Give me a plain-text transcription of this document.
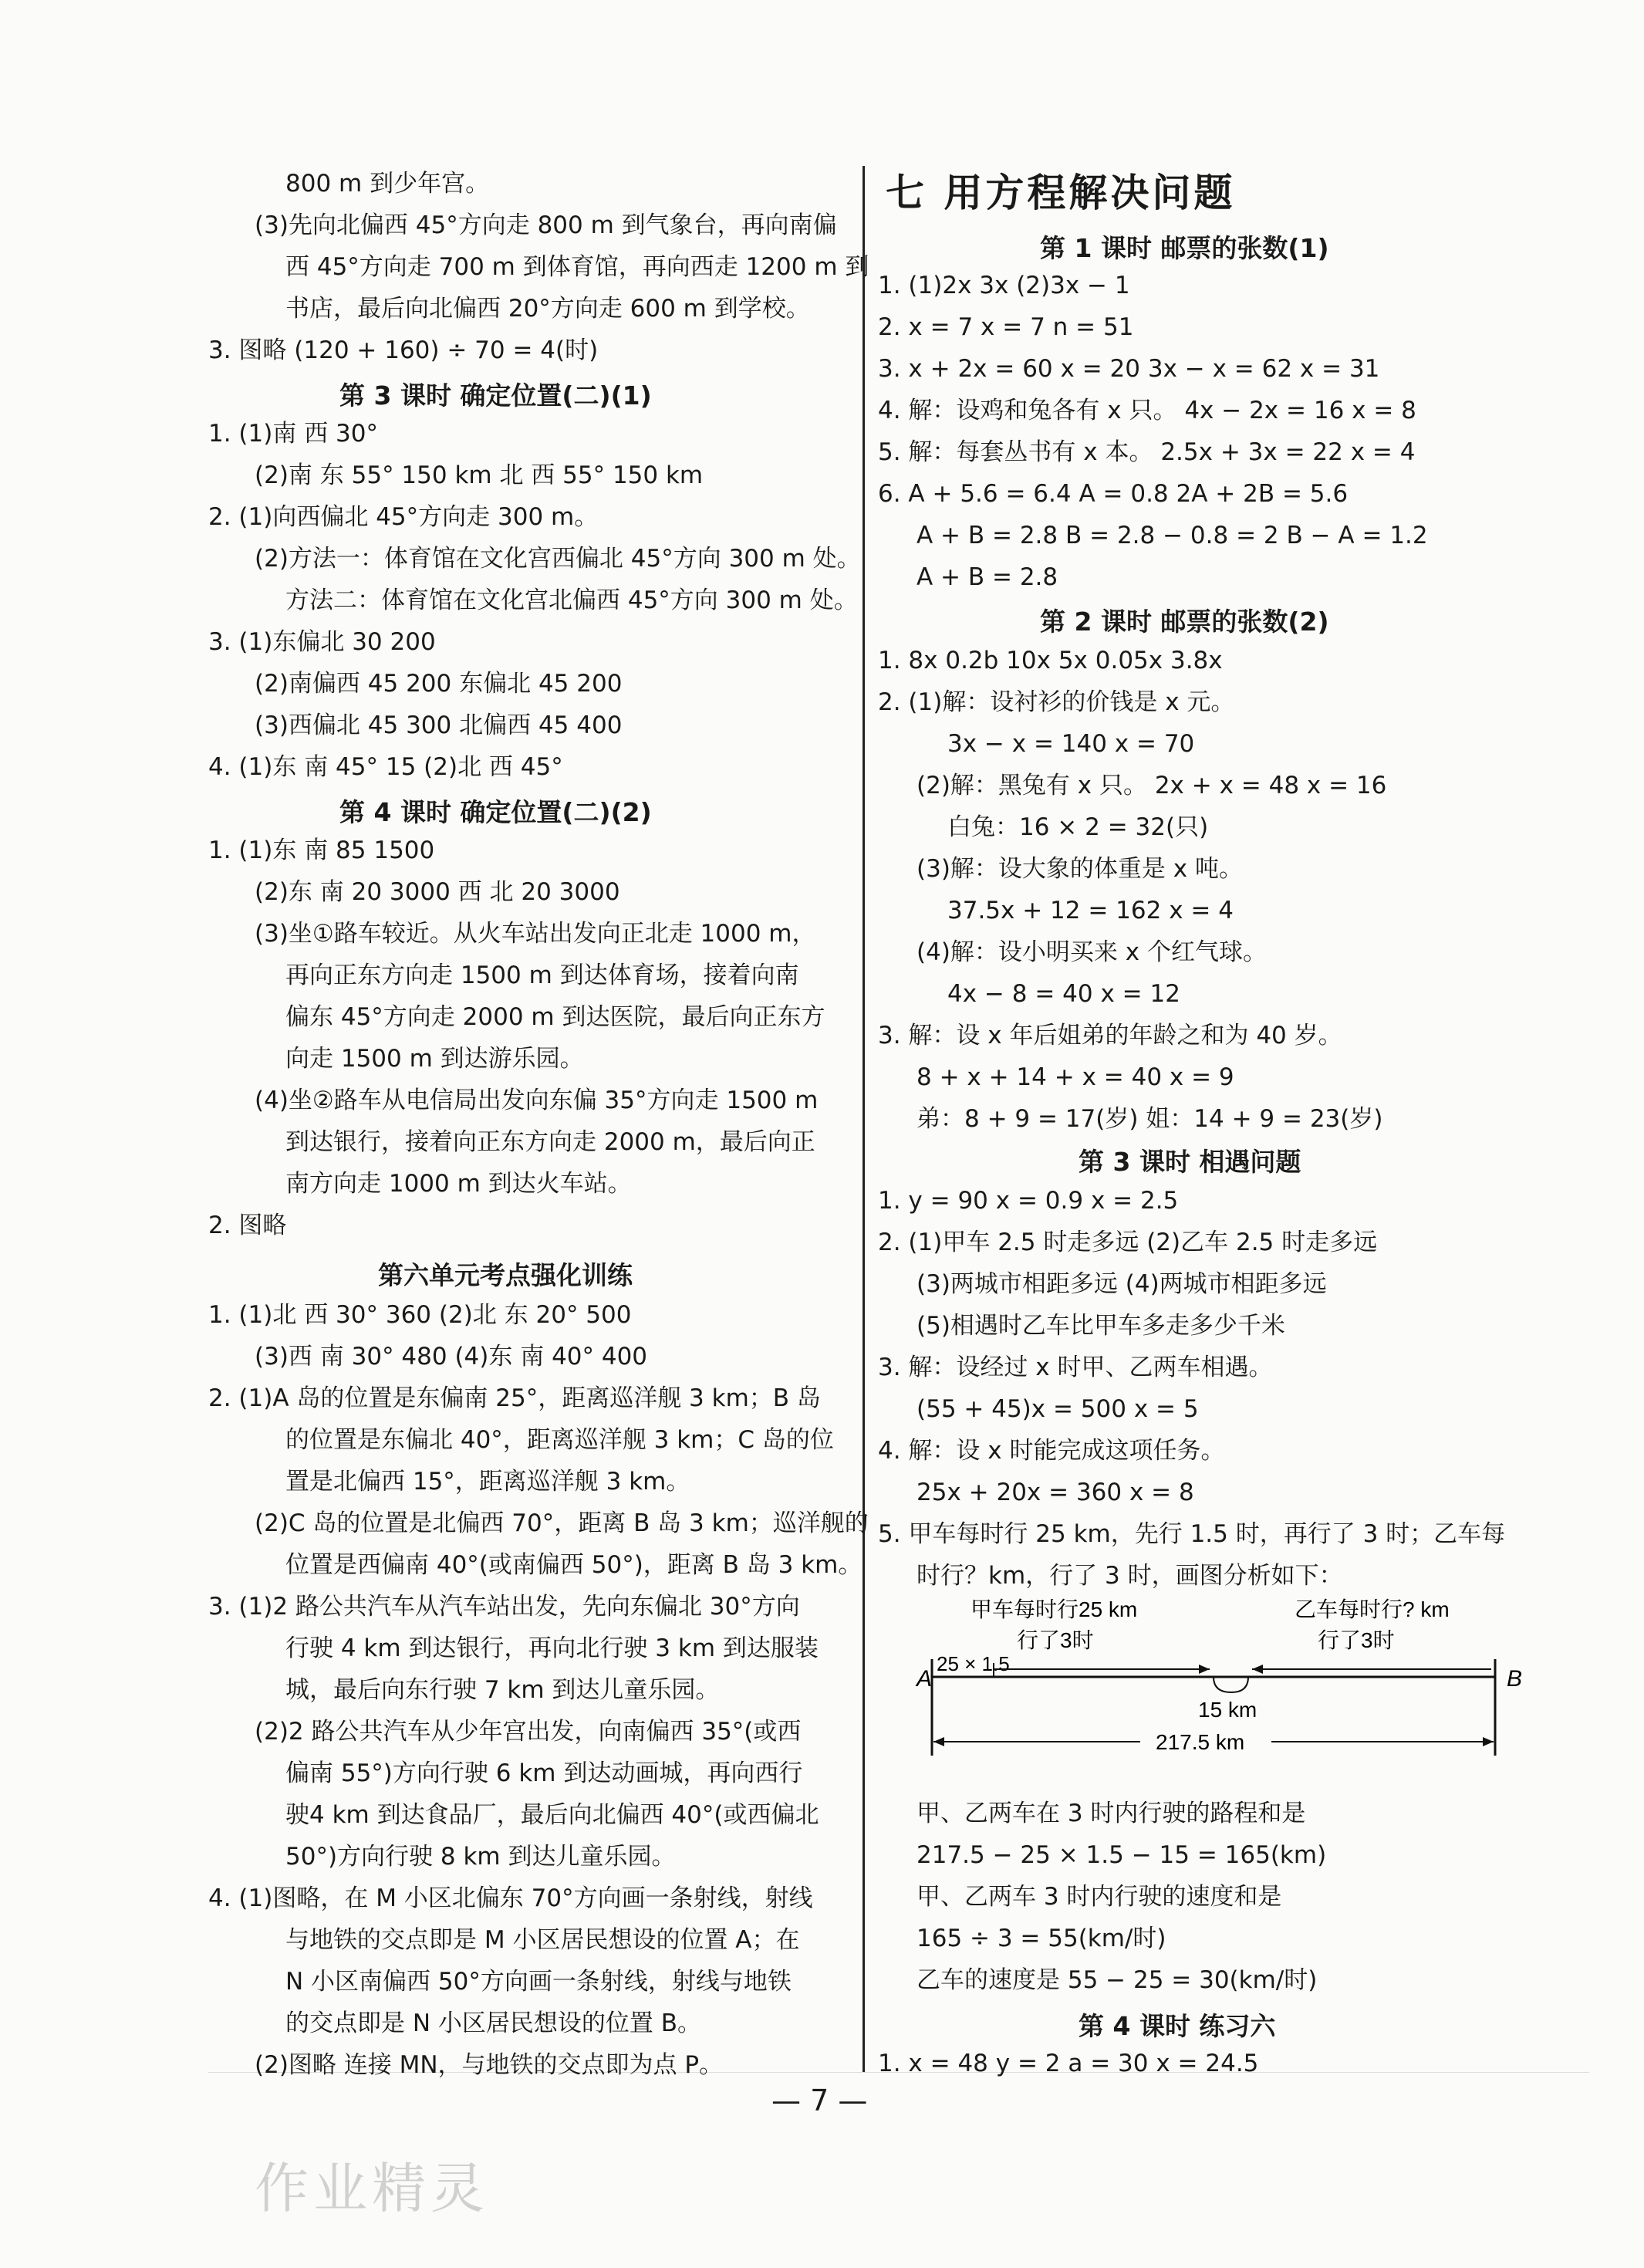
800 m 到少年宫。
(3)先向北偏西 45°方向走 800 m 到气象台，再向南偏
西 45°方向走 700 m 到体育馆，再向西走 1200 m 到
书店，最后向北偏西 20°方向走 600 m 到学校。
3. 图略 (120 + 160) ÷ 70 = 4(时)
1. (1)南 西 30°
(2)南 东 55° 150 km 北 西 55° 150 km
2. (1)向西偏北 45°方向走 300 m。
(2)方法一：体育馆在文化宫西偏北 45°方向 300 m 处。
方法二：体育馆在文化宫北偏西 45°方向 300 m 处。
3. (1)东偏北 30 200
(2)南偏西 45 200 东偏北 45 200
(3)西偏北 45 300 北偏西 45 400
4. (1)东 南 45° 15 (2)北 西 45°
1. (1)东 南 85 1500
(2)东 南 20 3000 西 北 20 3000
(3)坐①路车较近。从火车站出发向正北走 1000 m，
再向正东方向走 1500 m 到达体育场，接着向南
偏东 45°方向走 2000 m 到达医院，最后向正东方
向走 1500 m 到达游乐园。
(4)坐②路车从电信局出发向东偏 35°方向走 1500 m
到达银行，接着向正东方向走 2000 m，最后向正
南方向走 1000 m 到达火车站。
2. 图略
1. (1)北 西 30° 360 (2)北 东 20° 500
(3)西 南 30° 480 (4)东 南 40° 400
2. (1)A 岛的位置是东偏南 25°，距离巡洋舰 3 km；B 岛
的位置是东偏北 40°，距离巡洋舰 3 km；C 岛的位
置是北偏西 15°，距离巡洋舰 3 km。
(2)C 岛的位置是北偏西 70°，距离 B 岛 3 km；巡洋舰的
位置是西偏南 40°(或南偏西 50°)，距离 B 岛 3 km。
3. (1)2 路公共汽车从汽车站出发，先向东偏北 30°方向
行驶 4 km 到达银行，再向北行驶 3 km 到达服装
城，最后向东行驶 7 km 到达儿童乐园。
(2)2 路公共汽车从少年宫出发，向南偏西 35°(或西
偏南 55°)方向行驶 6 km 到达动画城，再向西行
驶4 km 到达食品厂，最后向北偏西 40°(或西偏北
50°)方向行驶 8 km 到达儿童乐园。
4. (1)图略，在 M 小区北偏东 70°方向画一条射线，射线
与地铁的交点即是 M 小区居民想设的位置 A；在
N 小区南偏西 50°方向画一条射线，射线与地铁
的交点即是 N 小区居民想设的位置 B。
(2)图略 连接 MN，与地铁的交点即为点 P。
第 3 课时 确定位置(二)(1)
第 4 课时 确定位置(二)(2)
第六单元考点强化训练
七 用方程解决问题
甲车每时行25 km
行了3时
乙车每时行? km
行了3时
A	B
25 × 1.5
15 km
217.5 km
1. (1)2x 3x (2)3x − 1
2. x = 7 x = 7 n = 51
3. x + 2x = 60 x = 20 3x − x = 62 x = 31
4. 解：设鸡和兔各有 x 只。 4x − 2x = 16 x = 8
5. 解：每套丛书有 x 本。 2.5x + 3x = 22 x = 4
6. A + 5.6 = 6.4 A = 0.8 2A + 2B = 5.6
A + B = 2.8 B = 2.8 − 0.8 = 2 B − A = 1.2
A + B = 2.8
1. 8x 0.2b 10x 5x 0.05x 3.8x
2. (1)解：设衬衫的价钱是 x 元。
3x − x = 140 x = 70
(2)解：黑兔有 x 只。 2x + x = 48 x = 16
白兔：16 × 2 = 32(只)
(3)解：设大象的体重是 x 吨。
37.5x + 12 = 162 x = 4
(4)解：设小明买来 x 个红气球。
4x − 8 = 40 x = 12
3. 解：设 x 年后姐弟的年龄之和为 40 岁。
8 + x + 14 + x = 40 x = 9
弟：8 + 9 = 17(岁) 姐：14 + 9 = 23(岁)
1. y = 90 x = 0.9 x = 2.5
2. (1)甲车 2.5 时走多远 (2)乙车 2.5 时走多远
(3)两城市相距多远 (4)两城市相距多远
(5)相遇时乙车比甲车多走多少千米
3. 解：设经过 x 时甲、乙两车相遇。
(55 + 45)x = 500 x = 5
4. 解：设 x 时能完成这项任务。
25x + 20x = 360 x = 8
5. 甲车每时行 25 km，先行 1.5 时，再行了 3 时；乙车每
时行？km，行了 3 时，画图分析如下：
甲、乙两车在 3 时内行驶的路程和是
217.5 − 25 × 1.5 − 15 = 165(km)
甲、乙两车 3 时内行驶的速度和是
165 ÷ 3 = 55(km/时)
乙车的速度是 55 − 25 = 30(km/时)
1. x = 48 y = 2 a = 30 x = 24.5
第 1 课时 邮票的张数(1)
第 2 课时 邮票的张数(2)
第 3 课时 相遇问题
第 4 课时 练习六
— 7 —
作业精灵
